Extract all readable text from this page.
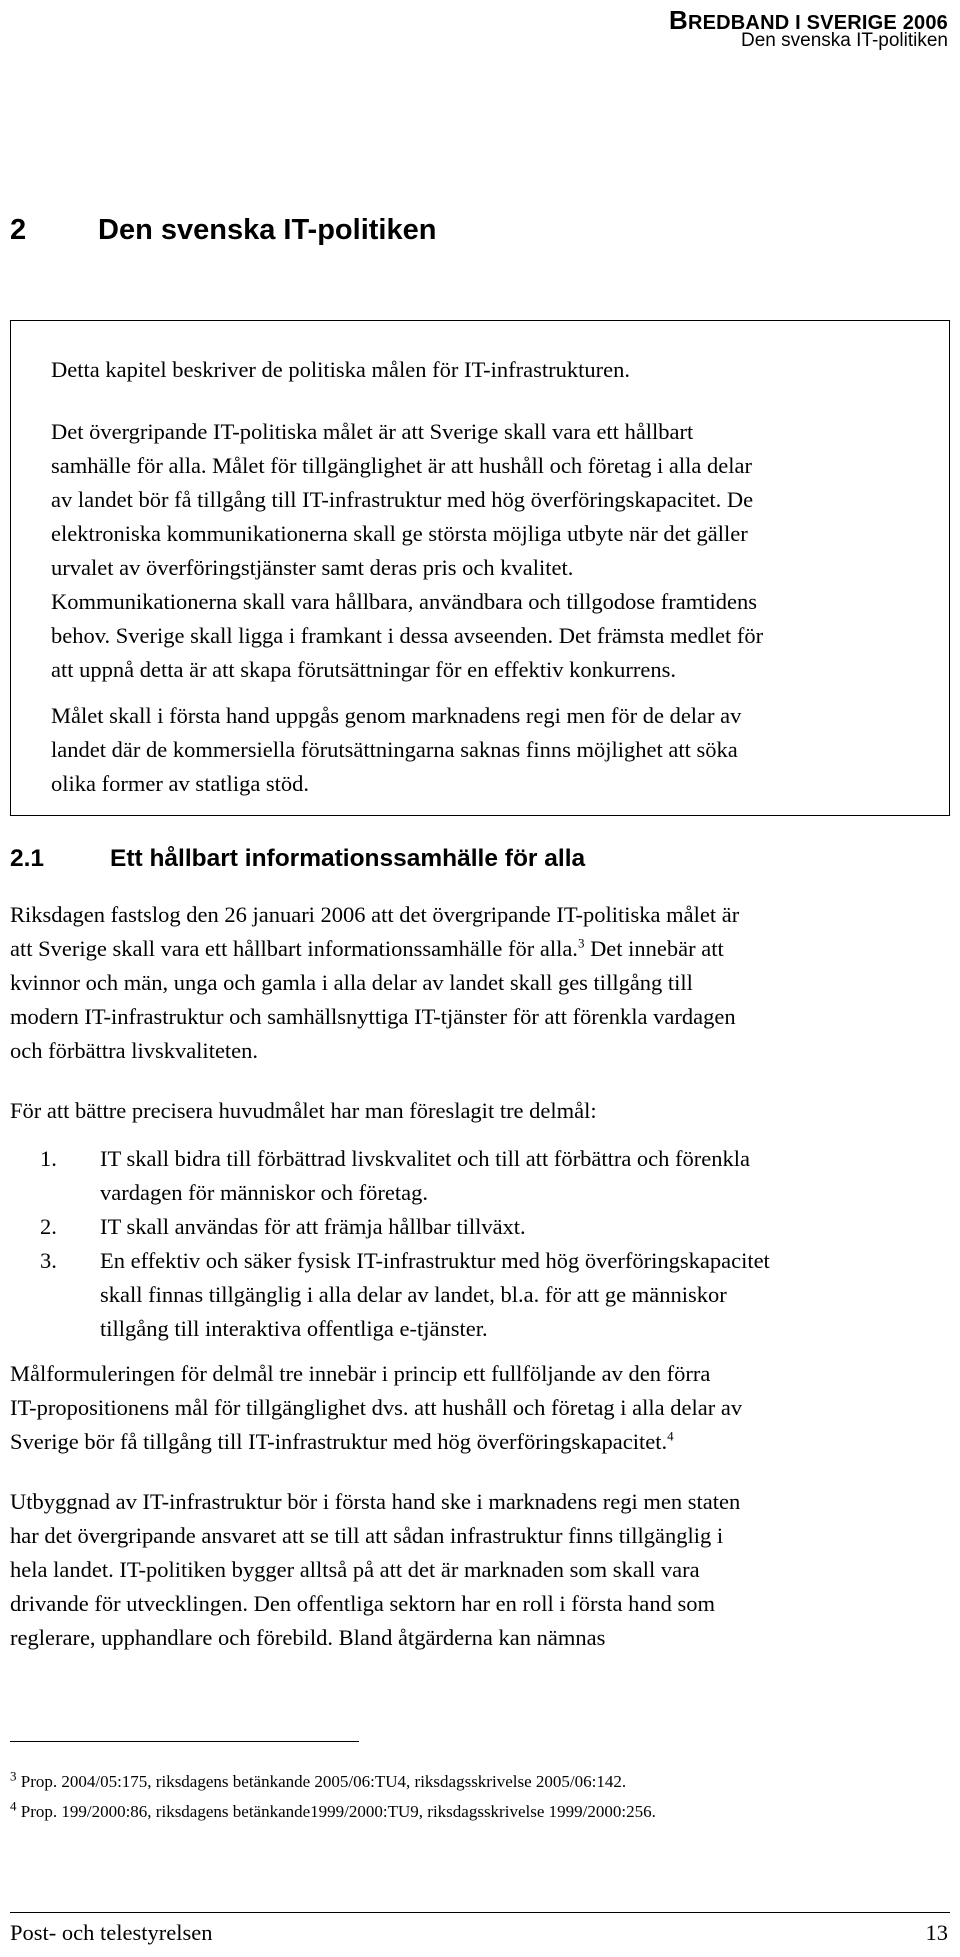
BREDBAND I SVERIGE 2006
Den svenska IT-politiken
2 Den svenska IT-politiken
Detta kapitel beskriver de politiska målen för IT-infrastrukturen.
Det övergripande IT-politiska målet är att Sverige skall vara ett hållbart
samhälle för alla. Målet för tillgänglighet är att hushåll och företag i alla delar
av landet bör få tillgång till IT-infrastruktur med hög överföringskapacitet. De
elektroniska kommunikationerna skall ge största möjliga utbyte när det gäller
urvalet av överföringstjänster samt deras pris och kvalitet.
Kommunikationerna skall vara hållbara, användbara och tillgodose framtidens
behov. Sverige skall ligga i framkant i dessa avseenden. Det främsta medlet för
att uppnå detta är att skapa förutsättningar för en effektiv konkurrens.
Målet skall i första hand uppgås genom marknadens regi men för de delar av
landet där de kommersiella förutsättningarna saknas finns möjlighet att söka
olika former av statliga stöd.
2.1	Ett hållbart informationssamhälle för alla
Riksdagen fastslog den 26 januari 2006 att det övergripande IT-politiska målet är
att Sverige skall vara ett hållbart informationssamhälle för alla.$^3$ Det innebär att
kvinnor och män, unga och gamla i alla delar av landet skall ges tillgång till
modern IT-infrastruktur och samhällsnyttiga IT-tjänster för att förenkla vardagen
och förbättra livskvaliteten.
För att bättre precisera huvudmålet har man föreslagit tre delmål:
1. IT skall bidra till förbättrad livskvalitet och till att förbättra och förenkla
vardagen för människor och företag.
2. IT skall användas för att främja hållbar tillväxt.
3. En effektiv och säker fysisk IT-infrastruktur med hög överföringskapacitet
skall finnas tillgänglig i alla delar av landet, bl.a. för att ge människor
tillgång till interaktiva offentliga e-tjänster.
Målformuleringen för delmål tre innebär i princip ett fullföljande av den förra
IT-propositionens mål för tillgänglighet dvs. att hushåll och företag i alla delar av
Sverige bör få tillgång till IT-infrastruktur med hög överföringskapacitet.$^4$
Utbyggnad av IT-infrastruktur bör i första hand ske i marknadens regi men staten
har det övergripande ansvaret att se till att sådan infrastruktur finns tillgänglig i
hela landet. IT-politiken bygger alltså på att det är marknaden som skall vara
drivande för utvecklingen. Den offentliga sektorn har en roll i första hand som
reglerare, upphandlare och förebild. Bland åtgärderna kan nämnas
$^3$ Prop. 2004/05:175, riksdagens betänkande 2005/06:TU4, riksdagsskrivelse 2005/06:142.
$^4$ Prop. 199/2000:86, riksdagens betänkande1999/2000:TU9, riksdagsskrivelse 1999/2000:256.
Post- och telestyrelsen	13
